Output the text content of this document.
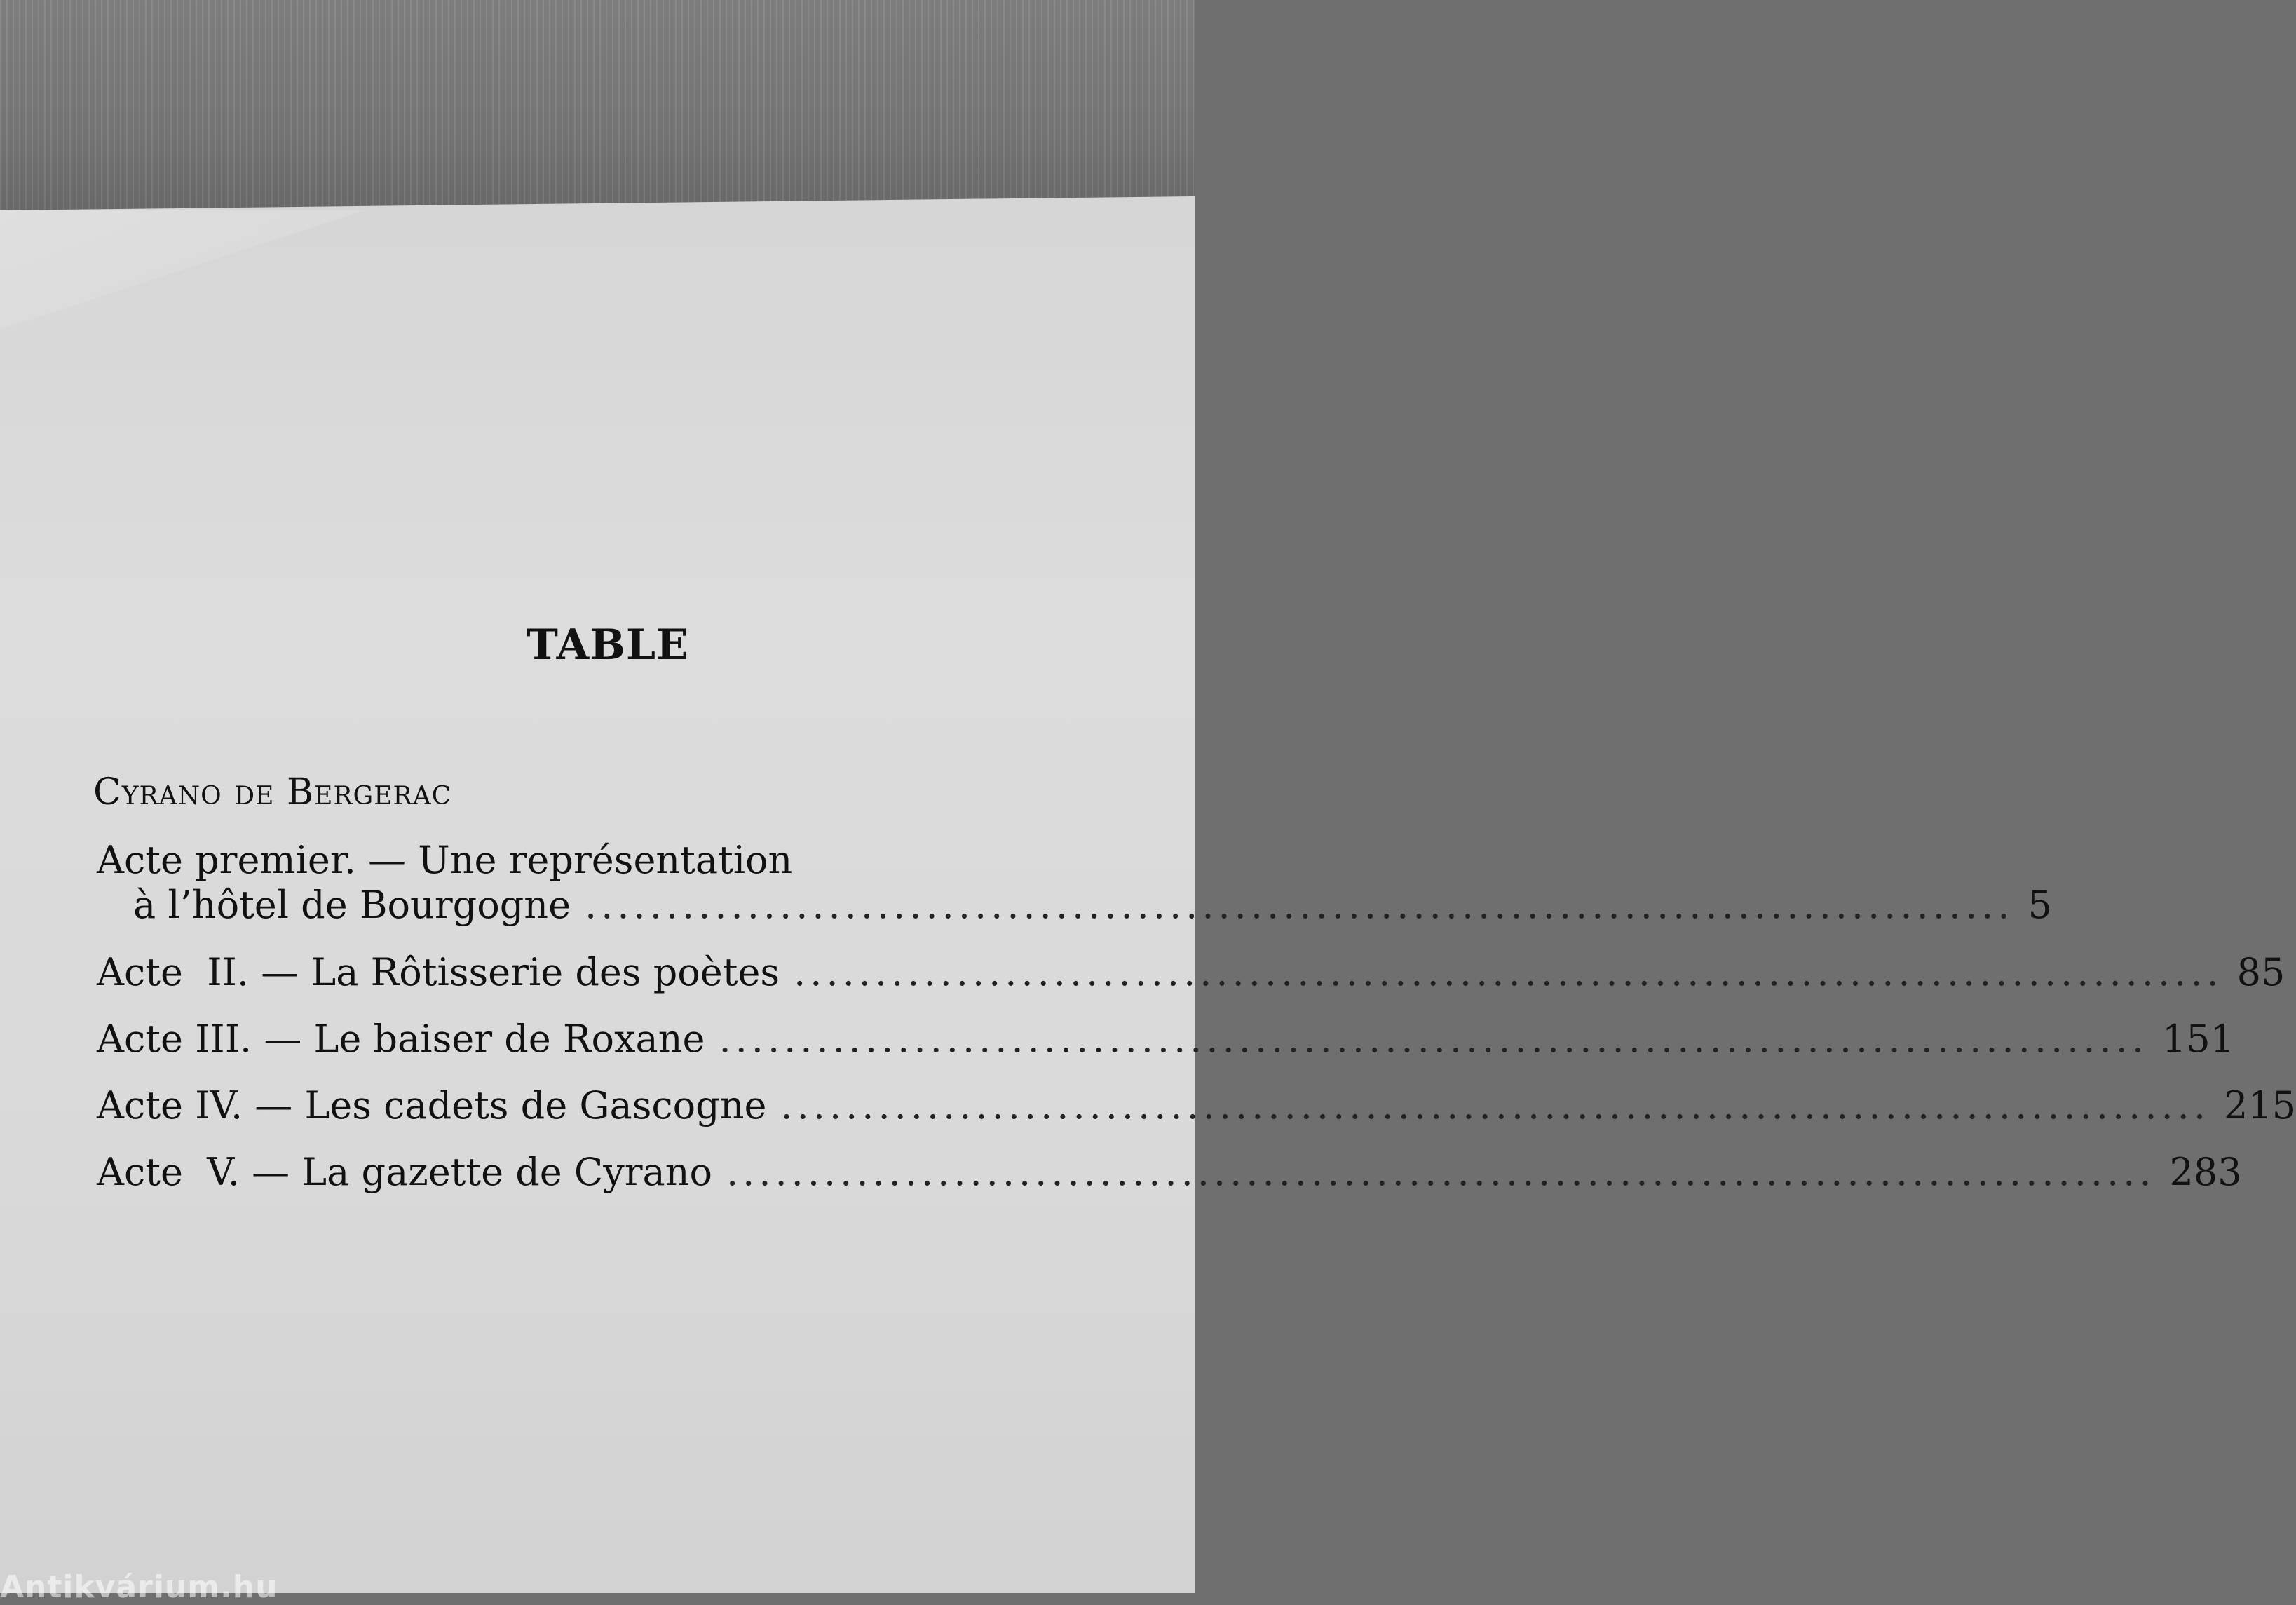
TABLE
Cyrano de Bergerac
Acte premier. — Une représentation
à l’hôtel de Bourgogne ........................................................................................ 5
Acte  II. — La Rôtisserie des poètes ........................................................................................ 85
Acte III. — Le baiser de Roxane ........................................................................................ 151
Acte IV. — Les cadets de Gascogne ........................................................................................ 215
Acte  V. — La gazette de Cyrano ........................................................................................ 283
Antikvárium.hu
